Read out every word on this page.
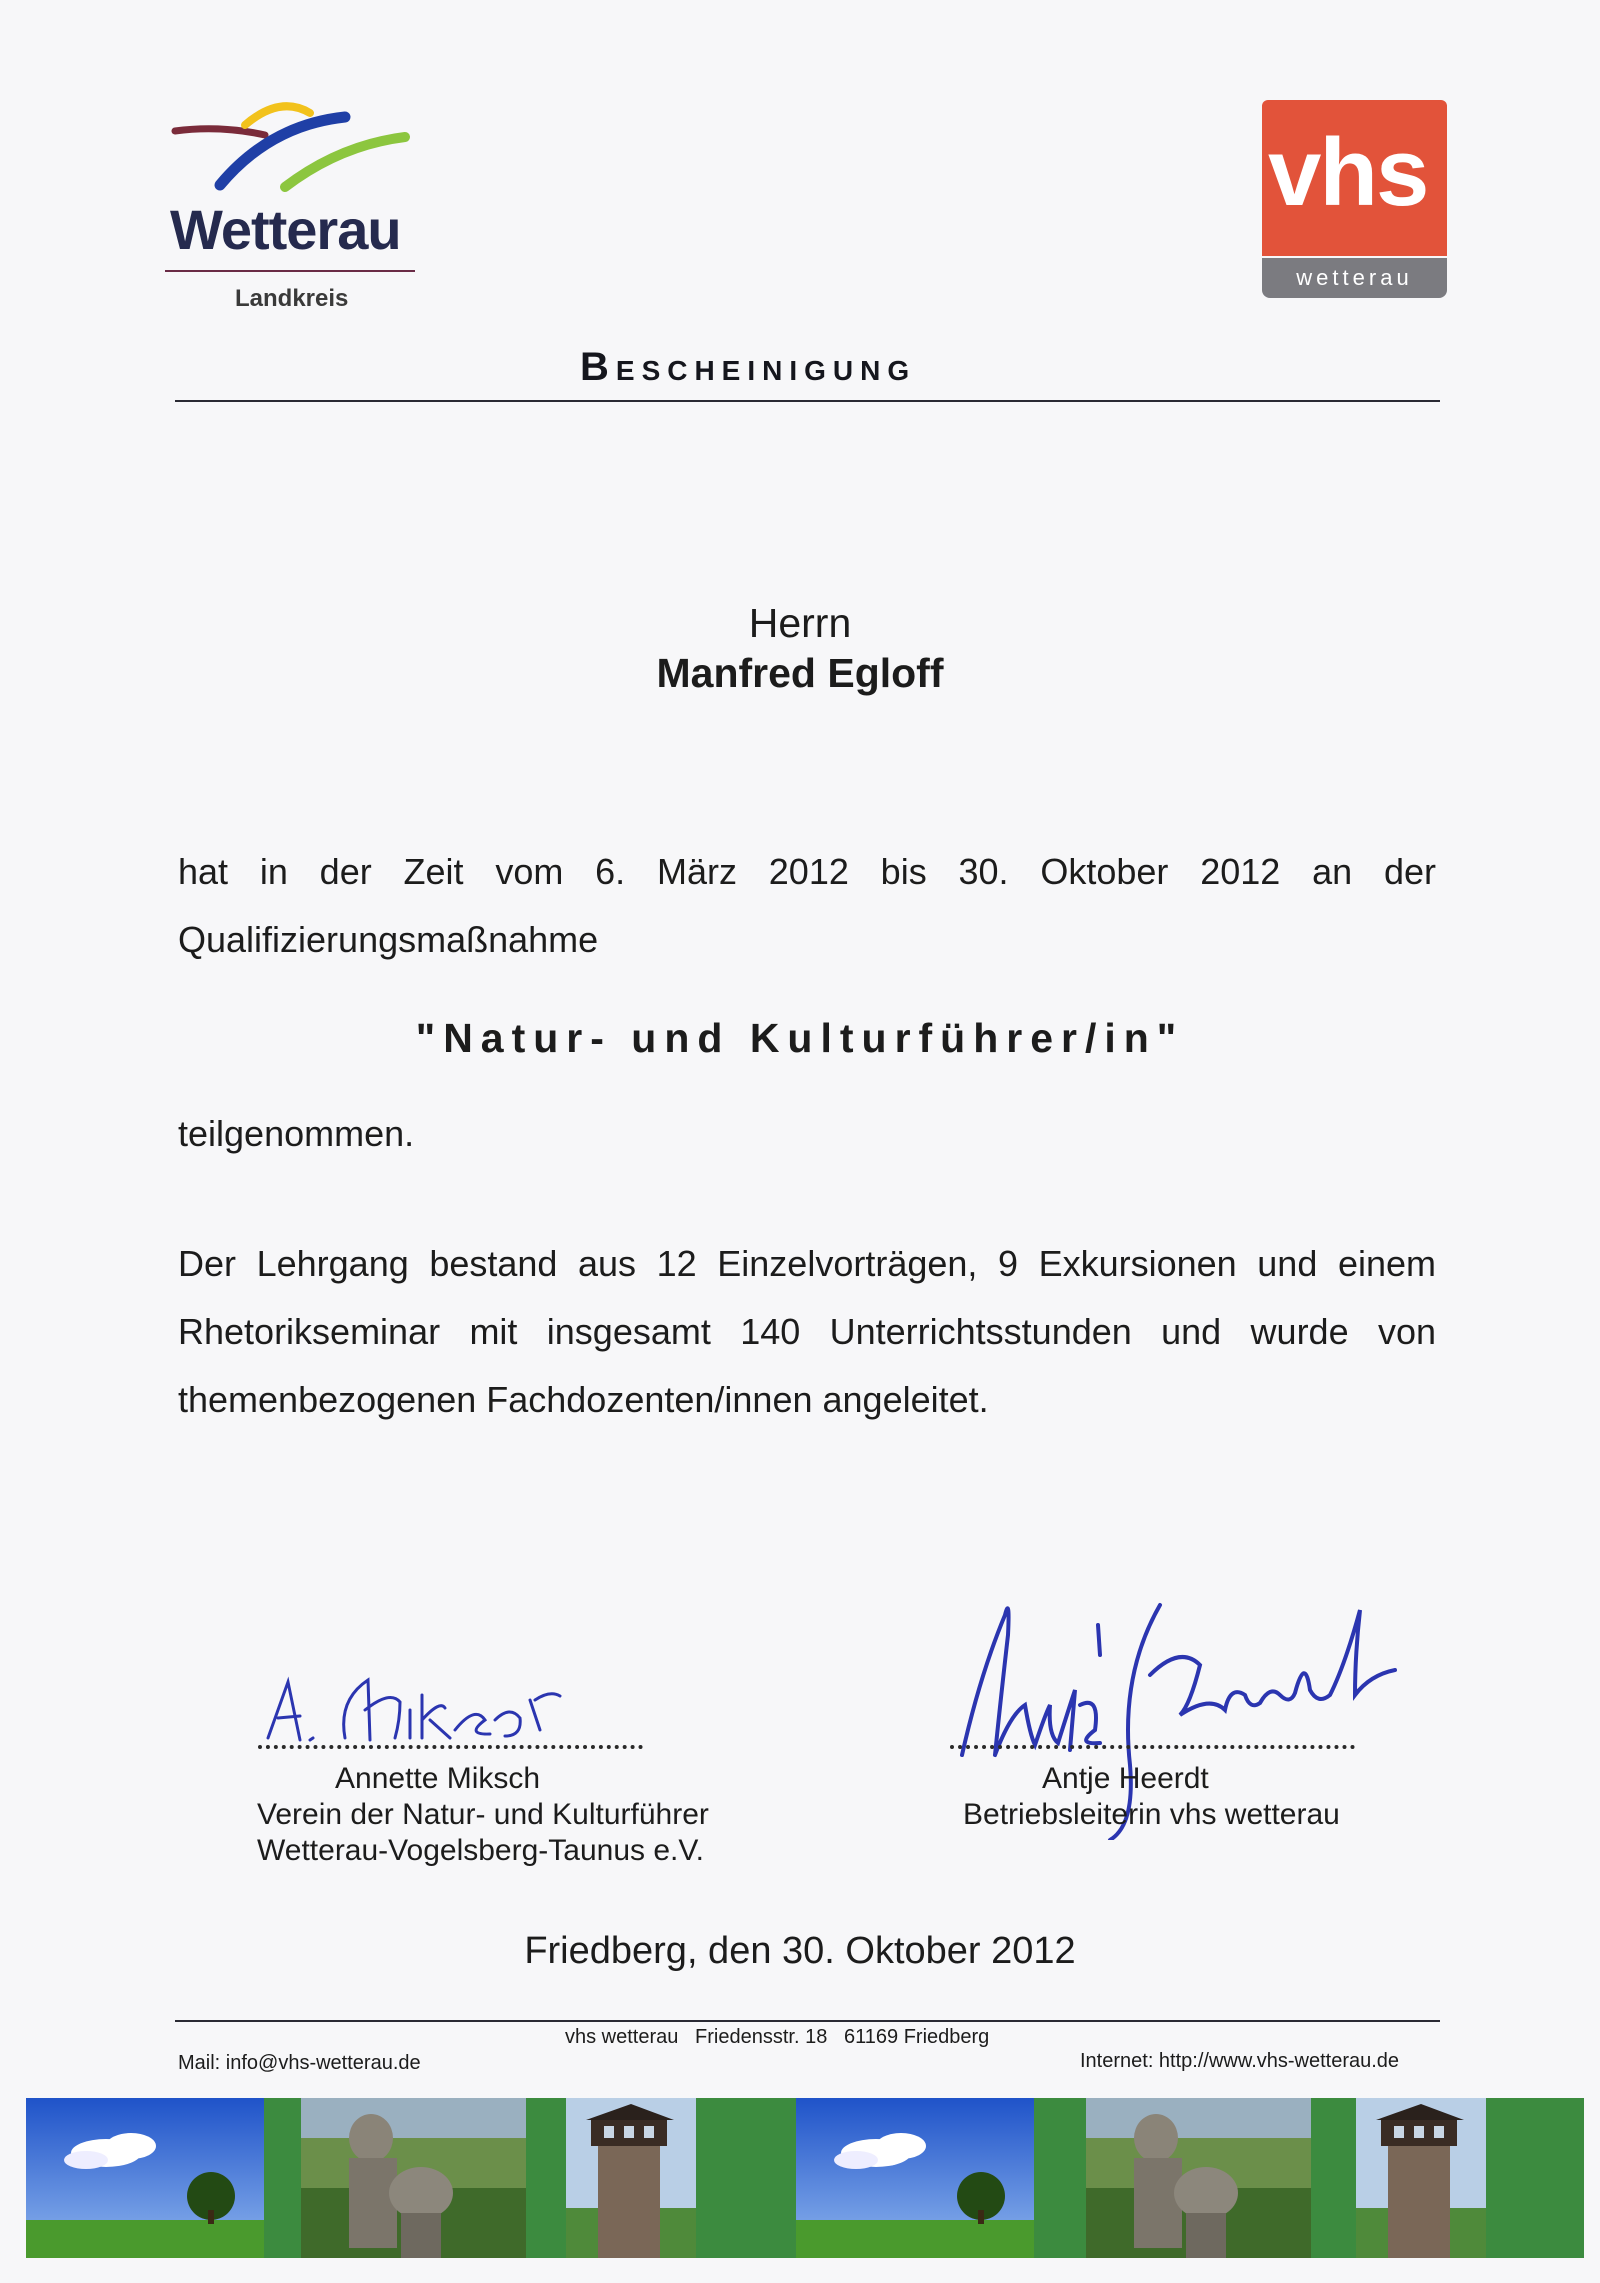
Wetterau
Landkreis
vhs
wetterau
Bescheinigung
Herrn
Manfred Egloff
hat in der Zeit vom 6. März 2012 bis 30. Oktober 2012 an der Qualifizierungsmaßnahme
"Natur- und Kulturführer/in"
teilgenommen.
Der Lehrgang bestand aus 12 Einzelvorträgen, 9 Exkursionen und einem Rhetorikseminar mit insgesamt 140 Unterrichtsstunden und wurde von themenbezogenen Fachdozenten/innen angeleitet.
Annette Miksch
Verein der Natur- und Kulturführer
Wetterau-Vogelsberg-Taunus e.V.
Antje Heerdt
Betriebsleiterin vhs wetterau
Friedberg, den 30. Oktober 2012
vhs wetterau   Friedensstr. 18   61169 Friedberg
Mail: info@vhs-wetterau.de	Internet: http://www.vhs-wetterau.de
